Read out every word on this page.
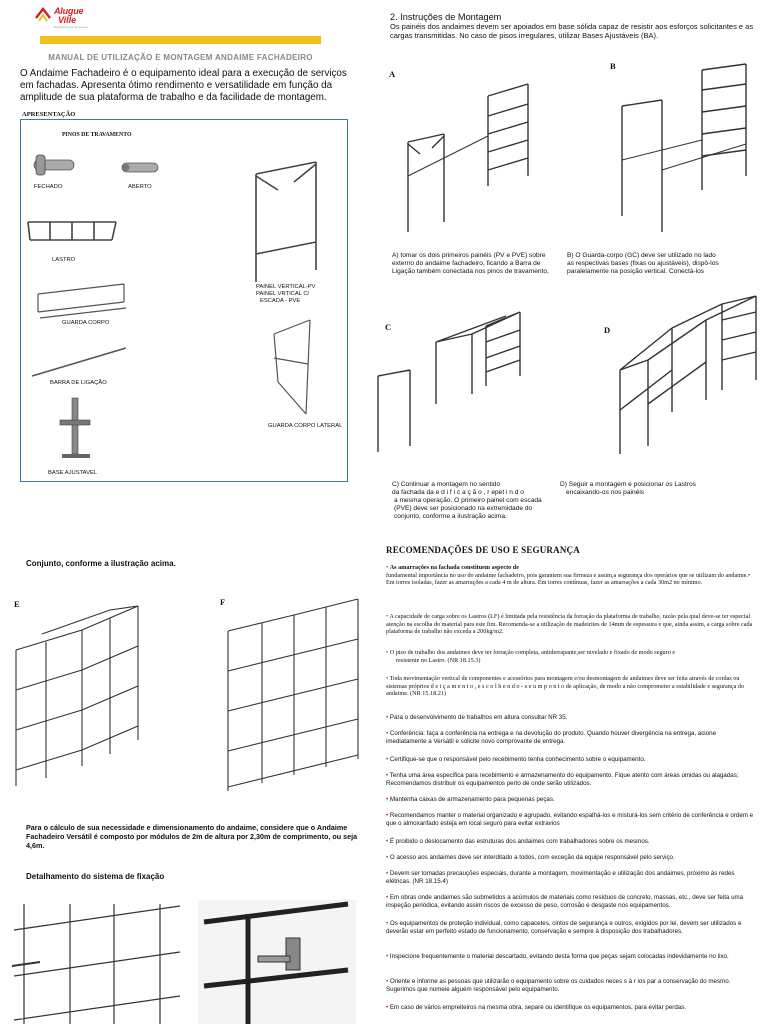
Alugue
Ville
Equipamentos de Acesso
MANUAL DE UTILIZAÇÃO E MONTAGEM ANDAIME FACHADEIRO
O Andaime Fachadeiro é o equipamento ideal para a execução de serviços em fachadas. Apresenta ótimo rendimento e versatilidade em função da amplitude de sua plataforma de trabalho e da facilidade de montagem.
APRESENTAÇÃO
PINOS DE TRAVAMENTO
FECHADO	ABERTO
LASTRO
GUARDA CORPO
BARRA DE LIGAÇÃO
BASE AJUSTAVEL
PAINEL VERTICAL-PV
PAINEL VRTICAL C/
ESCADA - PVE
GUARDA CORPO LATERAL
Conjunto, conforme a ilustração acima.
E	F
Para o cálculo de sua necessidade e dimensionamento do andaime, considere que o Andaime Fachadeiro Versátil é composto por módulos de 2m de altura por 2,30m de comprimento, ou seja 4,6m.
Detalhamento do sistema de fixação
2. Instruções de Montagem
Os painéis dos andaimes devem ser apoiados em base sólida capaz de resistir aos esforços solicitantes e as cargas transmitidas. No caso de pisos irregulares, utilizar Bases Ajustáveis (BA).
A
B
A) tomar os dois primeiros painéis (PV e PVE) sobre
externo do andaime fachadeiro, ficando a Barra de
Ligação também conectada nos pinos de travamento,
B) O Guarda-corpo (GC) deve ser utilizado no lado
as respectivas bases (fixas ou ajustáveis), dispô-los
paralelamente na posição vertical. Conectá-los
C	D
C) Continuar a montagem no sentido
da fachada da e d i f i c a ç ã o , r epet i n d o
a mesma operação. O primeiro painel com escada
(PVE) deve ser posicionado na extremidade do
conjunto, conforme a ilustração acima.
D) Seguir a montagem e posicionar os Lastros
encaixando-os nos painéis
RECOMENDAÇÕES DE USO E SEGURANÇA

• As amarrações na fachada constituem aspecto de

fundamental importância no uso do andaime fachadeiro, pois garantem sua firmeza e assim,a segurança dos operários que se utilizam do andaime.• Em torres isoladas, fazer as amarrações a cada 4 m de altura. Em torres contínuas, fazer as amarrações a cada 30m2 no mínimo.

• A capacidade de carga sobre os Lastros (LF) é limitada pela resistência da forração da plataforma de trabalho, razão pela qual deve-se ter especial atenção na escolha do material para este fim. Recomenda-se a utilização de madeirites de 14mm de espessura e que, ainda assim, a carga sobre cada plataforma de trabalho não exceda a 200kg/m2.

• O piso de trabalho dos andaimes deve ter forração completa, antiderrapante,ser nivelado e fixado de modo seguro e

resistente no Lastro. (NR 18.15.3)

• Toda movimentação vertical de componentes e acessórios para montagem e/ou desmontagem de andaimes deve ser feita através de cordas ou sistemas próprios d e i ç a m e n t o , e s c o l h e n d o - s e u m p o n t o de aplicação, de modo a não comprometer a estabilidade e segurança do andaime. (NR 15.18.21)

• Para o desenvolvimento de trabalhos em altura consultar NR 35.

• Conferência: faça a conferência na entrega e na devolução do produto. Quando houver divergência na entrega, acione imediatamente a Versátil e solicite novo comprovante de entrega.

• Certifique-se que o responsável pelo recebimento tenha conhecimento sobre o equipamento.

• Tenha uma área especifica para recebimento e armazenamento do equipamento. Fique atento com áreas úmidas ou alagadas; Recomendamos distribuir os equipamentos perto de onde serão utilizados.

• Mantenha caixas de armazenamento para pequenas peças.

• Recomendamos manter o material organizado e agrupado, evitando espalhá-los e misturá-los sem critério de conferência e ordem e que o almoxarifado esteja em local seguro para evitar extravios

• É proibido o deslocamento das estruturas dos andaimes com trabalhadores sobre os mesmos.

• O acesso aos andaimes deve ser interditado a todos, com exceção da equipe responsável pelo serviço.

• Devem ser tomadas precauções especiais, durante a montagem, movimentação e utilização dos andaimes, próximo às redes elétricas. (NR 18.15.4)

• Em obras onde andaimes são submetidos a acúmulos de materiais como resíduos de concreto, massas, etc., deve ser feita uma inspeção periódica, evitando assim riscos de excesso de peso, corrosão e desgaste nos equipamentos.

• Os equipamentos de proteção individual, como capacetes, cintos de segurança e outros, exigidos por lei, devem ser utilizados e deverão estar em perfeito estado de funcionamento, conservação e sempre à disposição dos trabalhadores.

• Inspecione frequentemente o material descartado, evitando desta forma que peças sejam colocadas indevidamente no lixo.

• Oriente e informe as pessoas que utilizarão o equipamento sobre os cuidados neces s á r ios par a conservação do mesmo. Sugerimos que nomeie alguém responsável pelo equipamento.

• Em caso de vários empreiteiros na mesma obra, separe ou identifique os equipamentos, para evitar perdas.
